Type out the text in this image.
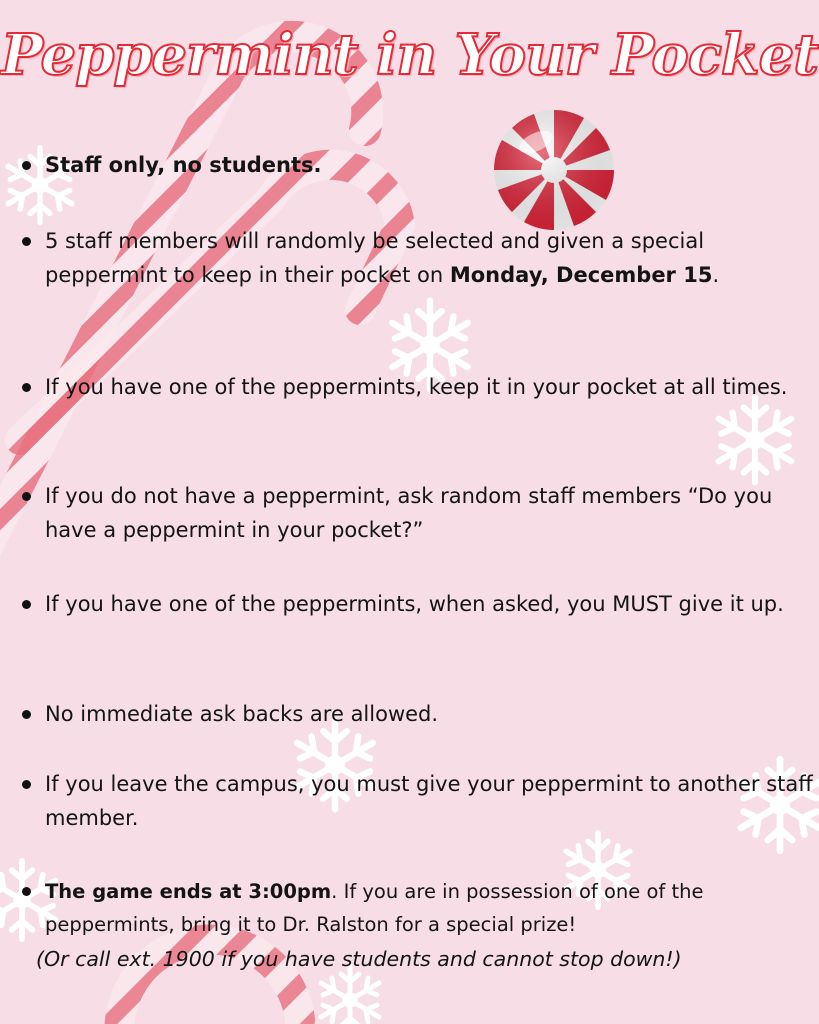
Peppermint in Your Pocket
Staff only, no students.
5 staff members will randomly be selected and given a special peppermint to keep in their pocket on Monday, December 15.
If you have one of the peppermints, keep it in your pocket at all times.
If you do not have a peppermint, ask random staff members “Do you have a peppermint in your pocket?”
If you have one of the peppermints, when asked, you MUST give it up.
No immediate ask backs are allowed.
If you leave the campus, you must give your peppermint to another staff member.
The game ends at 3:00pm. If you are in possession of one of the peppermints, bring it to Dr. Ralston for a special prize!
(Or call ext. 1900 if you have students and cannot stop down!)
